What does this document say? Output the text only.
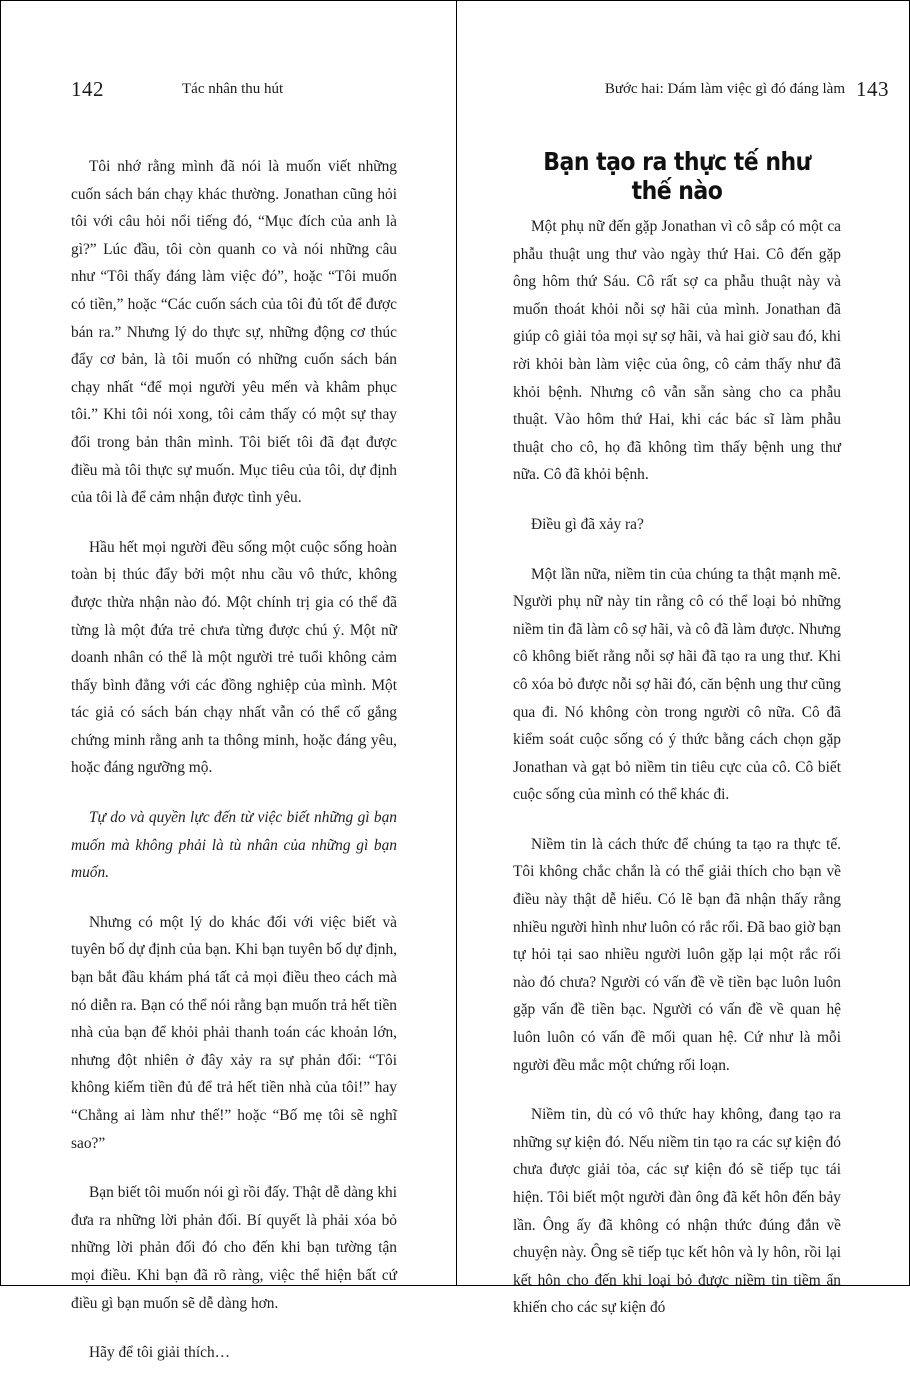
142	Tác nhân thu hút

Tôi nhớ rằng mình đã nói là muốn viết những cuốn sách bán chạy khác thường. Jonathan cũng hỏi tôi với câu hỏi nổi tiếng đó, “Mục đích của anh là gì?” Lúc đầu, tôi còn quanh co và nói những câu như “Tôi thấy đáng làm việc đó”, hoặc “Tôi muốn có tiền,” hoặc “Các cuốn sách của tôi đủ tốt để được bán ra.” Nhưng lý do thực sự, những động cơ thúc đẩy cơ bản, là tôi muốn có những cuốn sách bán chạy nhất “để mọi người yêu mến và khâm phục tôi.” Khi tôi nói xong, tôi cảm thấy có một sự thay đổi trong bản thân mình. Tôi biết tôi đã đạt được điều mà tôi thực sự muốn. Mục tiêu của tôi, dự định của tôi là để cảm nhận được tình yêu.

Hầu hết mọi người đều sống một cuộc sống hoàn toàn bị thúc đẩy bởi một nhu cầu vô thức, không được thừa nhận nào đó. Một chính trị gia có thể đã từng là một đứa trẻ chưa từng được chú ý. Một nữ doanh nhân có thể là một người trẻ tuổi không cảm thấy bình đẳng với các đồng nghiệp của mình. Một tác giả có sách bán chạy nhất vẫn có thể cố gắng chứng minh rằng anh ta thông minh, hoặc đáng yêu, hoặc đáng ngưỡng mộ.

Tự do và quyền lực đến từ việc biết những gì bạn muốn mà không phải là tù nhân của những gì bạn muốn.

Nhưng có một lý do khác đối với việc biết và tuyên bố dự định của bạn. Khi bạn tuyên bố dự định, bạn bắt đầu khám phá tất cả mọi điều theo cách mà nó diễn ra. Bạn có thể nói rằng bạn muốn trả hết tiền nhà của bạn để khỏi phải thanh toán các khoản lớn, nhưng đột nhiên ở đây xảy ra sự phản đối: “Tôi không kiếm tiền đủ để trả hết tiền nhà của tôi!” hay “Chẳng ai làm như thế!” hoặc “Bố mẹ tôi sẽ nghĩ sao?”

Bạn biết tôi muốn nói gì rồi đấy. Thật dễ dàng khi đưa ra những lời phản đối. Bí quyết là phải xóa bỏ những lời phản đối đó cho đến khi bạn tường tận mọi điều. Khi bạn đã rõ ràng, việc thể hiện bất cứ điều gì bạn muốn sẽ dễ dàng hơn.

Hãy để tôi giải thích…

Bước hai: Dám làm việc gì đó đáng làm 143
Bạn tạo ra thực tế như thế nào

Một phụ nữ đến gặp Jonathan vì cô sắp có một ca phẫu thuật ung thư vào ngày thứ Hai. Cô đến gặp ông hôm thứ Sáu. Cô rất sợ ca phẫu thuật này và muốn thoát khỏi nỗi sợ hãi của mình. Jonathan đã giúp cô giải tỏa mọi sự sợ hãi, và hai giờ sau đó, khi rời khỏi bàn làm việc của ông, cô cảm thấy như đã khỏi bệnh. Nhưng cô vẫn sẵn sàng cho ca phẫu thuật. Vào hôm thứ Hai, khi các bác sĩ làm phẫu thuật cho cô, họ đã không tìm thấy bệnh ung thư nữa. Cô đã khỏi bệnh.

Điều gì đã xảy ra?

Một lần nữa, niềm tin của chúng ta thật mạnh mẽ. Người phụ nữ này tin rằng cô có thể loại bỏ những niềm tin đã làm cô sợ hãi, và cô đã làm được. Nhưng cô không biết rằng nỗi sợ hãi đã tạo ra ung thư. Khi cô xóa bỏ được nỗi sợ hãi đó, căn bệnh ung thư cũng qua đi. Nó không còn trong người cô nữa. Cô đã kiểm soát cuộc sống có ý thức bằng cách chọn gặp Jonathan và gạt bỏ niềm tin tiêu cực của cô. Cô biết cuộc sống của mình có thể khác đi.

Niềm tin là cách thức để chúng ta tạo ra thực tế. Tôi không chắc chắn là có thể giải thích cho bạn về điều này thật dễ hiểu. Có lẽ bạn đã nhận thấy rằng nhiều người hình như luôn có rắc rối. Đã bao giờ bạn tự hỏi tại sao nhiều người luôn gặp lại một rắc rối nào đó chưa? Người có vấn đề về tiền bạc luôn luôn gặp vấn đề tiền bạc. Người có vấn đề về quan hệ luôn luôn có vấn đề mối quan hệ. Cứ như là mỗi người đều mắc một chứng rối loạn.

Niềm tin, dù có vô thức hay không, đang tạo ra những sự kiện đó. Nếu niềm tin tạo ra các sự kiện đó chưa được giải tỏa, các sự kiện đó sẽ tiếp tục tái hiện. Tôi biết một người đàn ông đã kết hôn đến bảy lần. Ông ấy đã không có nhận thức đúng đắn về chuyện này. Ông sẽ tiếp tục kết hôn và ly hôn, rồi lại kết hôn cho đến khi loại bỏ được niềm tin tiềm ẩn khiến cho các sự kiện đó
